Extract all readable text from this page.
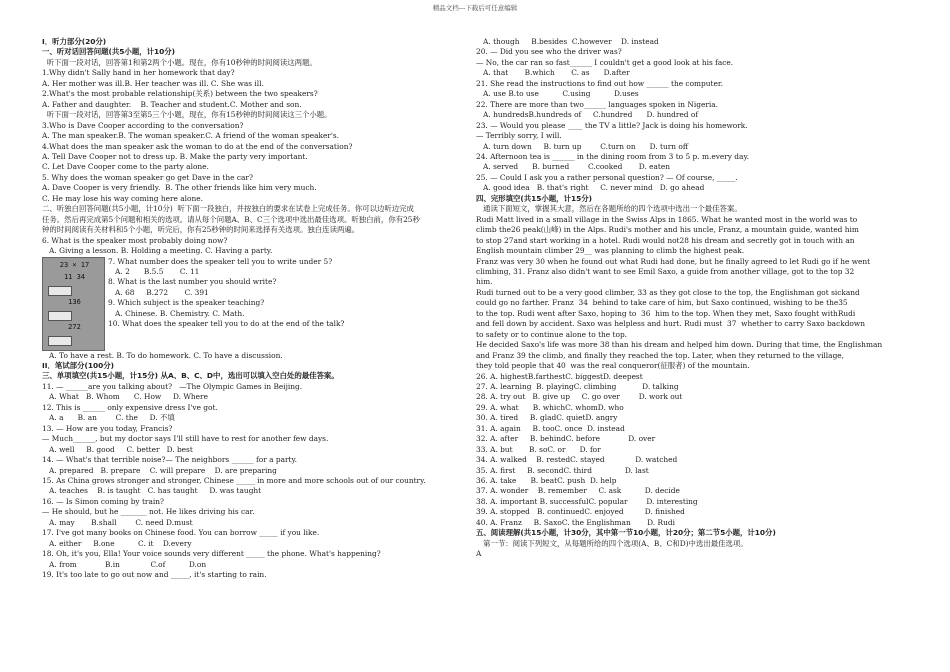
精品文档---下载后可任意编辑
I．听力部分(20分)
一、听对话回答问题(共5小题，计10分)
听下面一段对话，回答第1和第2两个小题。现在，你有10秒钟的时间阅读这两题。
1.Why didn't Sally hand in her homework that day?
A. Her mother was ill.B. Her teacher was ill. C. She was ill.
2.What's the most probable relationship(关系) between the two speakers?
A. Father and daughter.    B. Teacher and student.C. Mother and son.
听下面一段对话，回答第3至第5三个小题，现在，你有15秒钟的时间阅读这三个小题。
3.Who is Dave Cooper according to the conversation?
A. The man speaker.B. The woman speaker.C. A friend of the woman speaker's.
4.What does the man speaker ask the woman to do at the end of the conversation?
A. Tell Dave Cooper not to dress up. B. Make the party very important.
C. Let Dave Cooper come to the party alone.
5. Why does the woman speaker go get Dave in the car?
A. Dave Cooper is very friendly.  B. The other friends like him very much.
C. He may lose his way coming here alone.
二、听独白回答问题(共5小题，计10分)  听下面一段独白，并按独白的要求在试卷上完成任务。你可以边听边完成
任务。然后再完成第5个问题和相关的选项。请从每个问题A、B、C三个选项中选出最佳选项。听独白前，你有25秒
钟的时间阅读有关材料和5个小题，听完后，你有25秒钟的时间来选择有关选项。独白连读两遍。
6. What is the speaker most probably doing now?
A. Giving a lesson. B. Holding a meeting. C. Having a party.
23 × 17
11 34
136
272
7. What number does the speaker tell you to write under 5?
A. 2      B.5.5       C. 11
8. What is the last number you should write?
A. 68     B.272       C. 391
9. Which subject is the speaker teaching?
A. Chinese. B. Chemistry. C. Math.
10. What does the speaker tell you to do at the end of the talk?
A. To have a rest. B. To do homework. C. To have a discussion.
II．笔试部分(100分)
三、单项填空(共15小题，计15分) 从A、B、C、D中，选出可以填入空白处的最佳答案。
11. — ______are you talking about?   —The Olympic Games in Beijing.
A. What   B. Whom      C. How     D. Where
12. This is ______ only expensive dress I've got.
A. a      B. an        C. the     D. 不填
13. — How are you today, Francis?
— Much______, but my doctor says I'll still have to rest for another few days.
A. well     B. good     C. better   D. best
14. — What's that terrible noise?— The neighbors ______ for a party.
A. prepared   B. prepare    C. will prepare    D. are preparing
15. As China grows stronger and stronger, Chinese _____ in more and more schools out of our country.
A. teaches    B. is taught   C. has taught     D. was taught
16. — Is Simon coming by train?
— He should, but he _______ not. He likes driving his car.
A. may       B.shall        C. need D.must
17. I've got many books on Chinese food. You can borrow _____ if you like.
A. either     B.one          C. it    D.every
18. Oh, it's you, Ella! Your voice sounds very different _____ the phone. What's happening?
A. from            B.in             C.of          D.on
19. It's too late to go out now and _____, it's starting to rain.
A. though     B.besides  C.however    D. instead
20. — Did you see who the driver was?
— No, the car ran so fast______ I couldn't get a good look at his face.
A. that       B.which       C. as      D.after
21. She read the instructions to find out how ______ the computer.
A. use B.to use          C.using          D.uses
22. There are more than two______ languages spoken in Nigeria.
A. hundredsB.hundreds of     C.hundred      D. hundred of
23. — Would you please ____ the TV a little? Jack is doing his homework.
— Terribly sorry, I will.
A. turn down     B. turn up        C.turn on      D. turn off
24. Afternoon tea is ______ in the dining room from 3 to 5 p. m.every day.
A. served      B. burned        C.cooked       D. eaten
25. — Could I ask you a rather personal question? — Of course, _____.
A. good idea   B. that's right     C. never mind   D. go ahead
四、完形填空(共15小题，计15分)
通读下面短文，掌握其大意，然后在各题所给的四个选项中选出一个最佳答案。
Rudi Matt lived in a small village in the Swiss Alps in 1865. What he wanted most in the world was to
climb the26 peak(山峰) in the Alps. Rudi's mother and his uncle, Franz, a mountain guide, wanted him
to stop 27and start working in a hotel. Rudi would not28 his dream and secretly got in touch with an
English mountain climber 29__ was planning to climb the highest peak.
Franz was very 30 when he found out what Rudi had done, but he finally agreed to let Rudi go if he went
climbing, 31. Franz also didn't want to see Emil Saxo, a guide from another village, got to the top 32
him.
Rudi turned out to be a very good climber, 33 as they got close to the top, the Englishman got sickand
could go no farther. Franz  34  behind to take care of him, but Saxo continued, wishing to be the35
to the top. Rudi went after Saxo, hoping to  36  him to the top. When they met, Saxo fought withRudi
and fell down by accident. Saxo was helpless and hurt. Rudi must  37  whether to carry Saxo backdown
to safety or to continue alone to the top.
He decided Saxo's life was more 38 than his dream and helped him down. During that time, the Englishman
and Franz 39 the climb, and finally they reached the top. Later, when they returned to the village,
they told people that 40  was the real conqueror(征服者) of the mountain.
26. A. highestB.farthestC. biggestD. deepest
27. A. learning  B. playingC. climbing           D. talking
28. A. try out   B. give up     C. go over        D. work out
29. A. what      B. whichC. whomD. who
30. A. tired     B. gladC. quietD. angry
31. A. again     B. tooC. once  D. instead
32. A. after     B. behindC. before            D. over
33. A. but       B. soC. or      D. for
34. A. walked    B. restedC. stayed             D. watched
35. A. first     B. secondC. third              D. last
36. A. take      B. beatC. push  D. help
37. A. wonder    B. remember     C. ask          D. decide
38. A. important B. successfulC. popular        D. interesting
39. A. stopped   B. continuedC. enjoyed         D. finished
40. A. Franz     B. SaxoC. the Englishman       D. Rudi
五、阅读理解(共15小题，计30分，其中第一节10小题，计20分；第二节5小题，计10分)
第一节：阅读下列短文，从每题所给的四个选项(A、B、C和D)中选出最佳选项。
A
